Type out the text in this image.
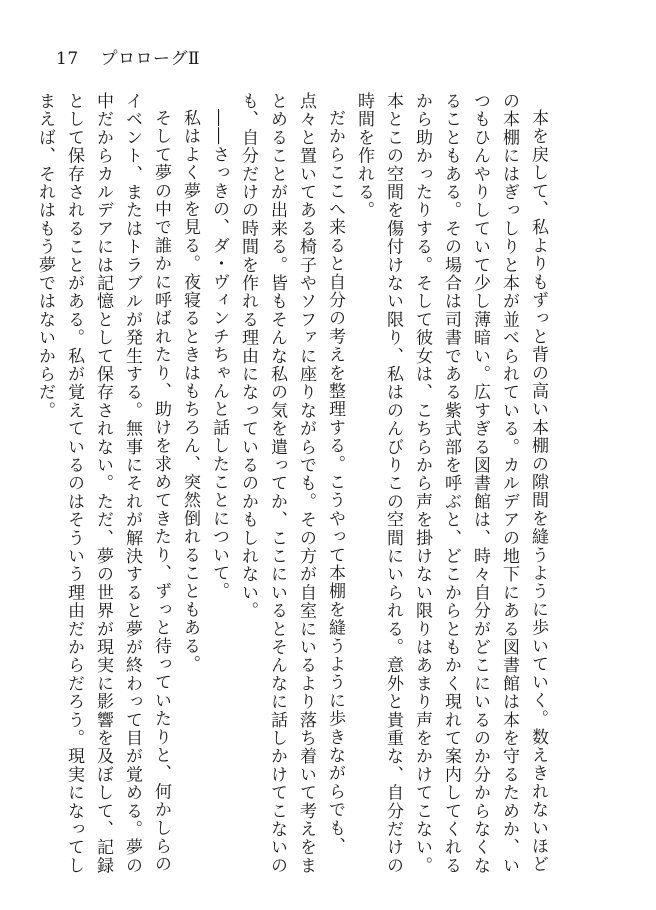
17 プロローグⅡ

本を戻して、私よりもずっと背の高い本棚の隙間を縫うように歩いていく。数えきれないほどの本棚にはぎっしりと本が並べられている。カルデアの地下にある図書館は本を守るためか、いつもひんやりしていて少し薄暗い。広すぎる図書館は、時々自分がどこにいるのか分からなくなることもある。その場合は司書である紫式部を呼ぶと、どこからともかく現れて案内してくれるから助かったりする。そして彼女は、こちらから声を掛けない限りはあまり声をかけてこない。本とこの空間を傷付けない限り、私はのんびりこの空間にいられる。意外と貴重な、自分だけの時間を作れる。

だからここへ来ると自分の考えを整理する。こうやって本棚を縫うように歩きながらでも、点々と置いてある椅子やソファに座りながらでも。その方が自室にいるより落ち着いて考えをまとめることが出来る。皆もそんな私の気を遣ってか、ここにいるとそんなに話しかけてこないのも、自分だけの時間を作れる理由になっているのかもしれない。

――さっきの、ダ・ヴィンチちゃんと話したことについて。

私はよく夢を見る。夜寝るときはもちろん、突然倒れることもある。

そして夢の中で誰かに呼ばれたり、助けを求めてきたり、ずっと待っていたりと、何かしらのイベント、またはトラブルが発生する。無事にそれが解決すると夢が終わって目が覚める。夢の中だからカルデアには記憶として保存されない。ただ、夢の世界が現実に影響を及ぼして、記録として保存されることがある。私が覚えているのはそういう理由だからだろう。現実になってしまえば、それはもう夢ではないからだ。
